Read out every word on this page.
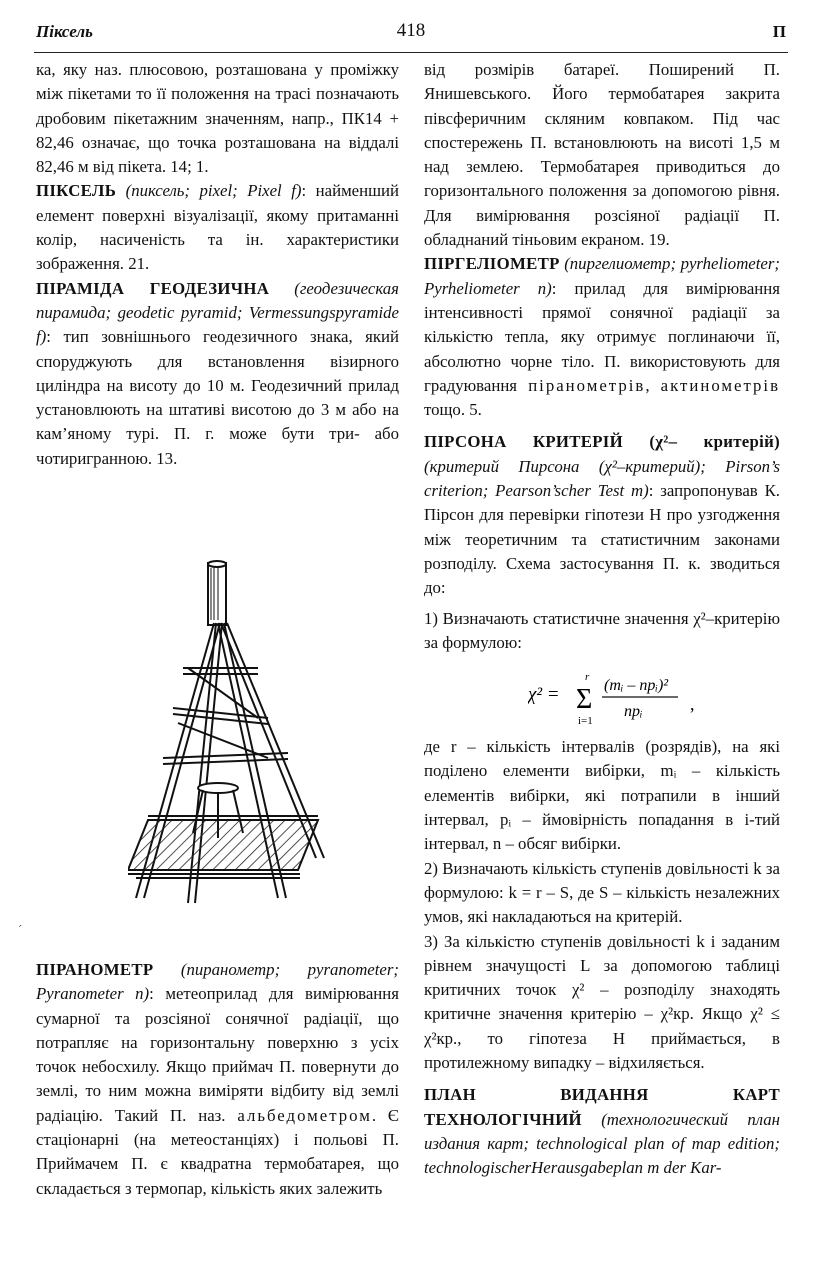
Піксель	418	П

ка, яку наз. плюсовою, розташована у проміжку між пікетами то її положення на трасі позначають дробовим пікетажним значенням, напр., ПК14 + 82,46 означає, що точка розташована на віддалі 82,46 м від пікета. 14; 1.

ПІКСЕЛЬ (пиксель; pixel; Pixel f): найменший елемент поверхні візуалізації, якому притаманні колір, насиченість та ін. характеристики зображення. 21.

ПІРАМІДА ГЕОДЕЗИЧНА (геодезическая пирамида; geodetic pyramid; Vermessungspyramide f): тип зовнішнього геодезичного знака, який споруджують для встановлення візирного циліндра на висоту до 10 м. Геодезичний прилад установлюють на штативі висотою до 3 м або на кам’яному турі. П. г. може бути три- або чотиригранною. 13.

ˊ

ПІРАНОМЕТР (пиранометр; pyranometer; Pyranometer n): метеоприлад для вимірювання сумарної та розсіяної сонячної радіації, що потрапляє на горизонтальну поверхню з усіх точок небосхилу. Якщо приймач П. повернути до землі, то ним можна виміряти відбиту від землі радіацію. Такий П. наз. альбедометром. Є стаціонарні (на метеостанціях) і польові П. Приймачем П. є квадратна термобатарея, що складається з термопар, кількість яких залежить

від розмірів батареї. Поширений П. Янишевського. Його термобатарея закрита півсферичним скляним ковпаком. Під час спостережень П. встановлюють на висоті 1,5 м над землею. Термобатарея приводиться до горизонтального положення за допомогою рівня. Для вимірювання розсіяної радіації П. обладнаний тіньовим екраном. 19.

ПІРГЕЛІОМЕТР (пиргелиометр; pyrheliometer; Pyrheliometer n): прилад для вимірювання інтенсивності прямої сонячної радіації за кількістю тепла, яку отримує поглинаючи її, абсолютно чорне тіло. П. використовують для градуювання піранометрів, актинометрів тощо. 5.

ПІРСОНА КРИТЕРІЙ (χ²– критерій) (критерий Пирсона (χ²–критерий); Pirson’s criterion; Pearson’scher Test m): запропонував К. Пірсон для перевірки гіпотези H про узгодження між теоретичним та статистичним законами розподілу. Схема застосування П. к. зводиться до:

1) Визначають статистичне значення χ²–критерію за формулою:

де r – кількість інтервалів (розрядів), на які поділено елементи вибірки, mᵢ – кількість елементів вибірки, які потрапили в інший інтервал, pᵢ – ймовірність попадання в i-тий інтервал, n – обсяг вибірки.

2) Визначають кількість ступенів довільності k за формулою: k = r – S, де S – кількість незалежних умов, які накладаються на критерій.

3) За кількістю ступенів довільності k і заданим рівнем значущості L за допомогою таблиці критичних точок χ² – розподілу знаходять критичне значення критерію – χ²кр. Якщо χ² ≤ χ²кр., то гіпотеза H приймається, в протилежному випадку – відхиляється.

ПЛАН ВИДАННЯ КАРТ ТЕХНОЛОГІЧНИЙ (технологический план издания карт; technological plan of map edition; technologischerHerausgabeplan m der Kar-

χ² = Σ
r
i=1
(mᵢ – npᵢ)²
npᵢ	,
